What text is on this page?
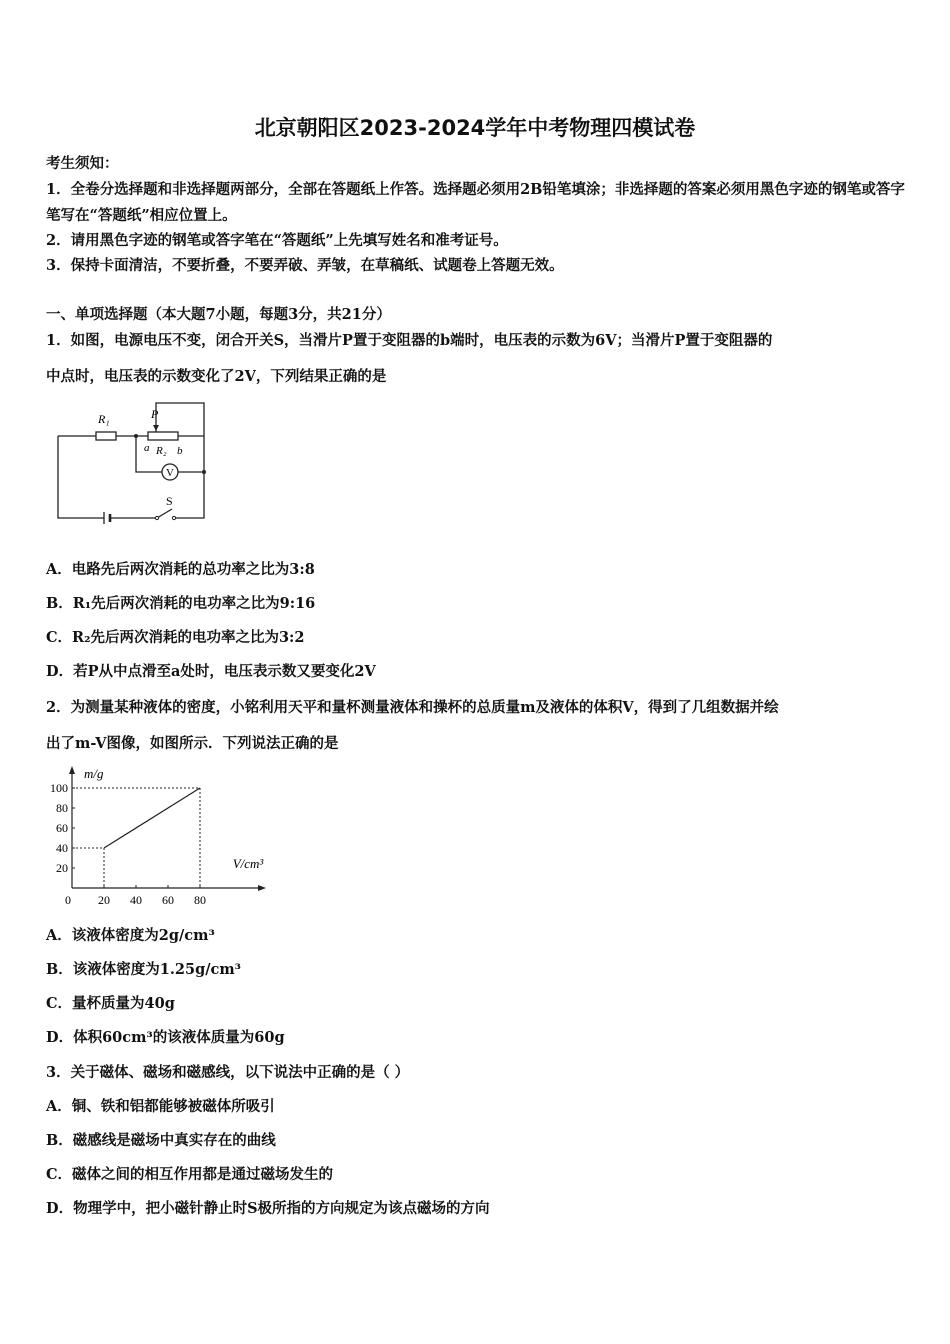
北京朝阳区2023-2024学年中考物理四模试卷
考生须知：
1．全卷分选择题和非选择题两部分，全部在答题纸上作答。选择题必须用2B铅笔填涂；非选择题的答案必须用黑色字迹的钢笔或答字笔写在“答题纸”相应位置上。
2．请用黑色字迹的钢笔或答字笔在“答题纸”上先填写姓名和准考证号。
3．保持卡面清洁，不要折叠，不要弄破、弄皱，在草稿纸、试题卷上答题无效。
一、单项选择题（本大题7小题，每题3分，共21分）
1．如图，电源电压不变，闭合开关S，当滑片P置于变阻器的b端时，电压表的示数为6V；当滑片P置于变阻器的
中点时，电压表的示数变化了2V，下列结果正确的是
R₁	P
a R₂ b
V
S
A．电路先后两次消耗的总功率之比为3:8
B．R₁先后两次消耗的电功率之比为9:16
C．R₂先后两次消耗的电功率之比为3:2
D．若P从中点滑至a处时，电压表示数又要变化2V
2．为测量某种液体的密度，小铭利用天平和量杯测量液体和操杯的总质量m及液体的体积V，得到了几组数据并绘
出了m-V图像，如图所示．下列说法正确的是
20
40
60
80
100
0 20 40 60 80
m/g
V/cm³
A．该液体密度为2g/cm³
B．该液体密度为1.25g/cm³
C．量杯质量为40g
D．体积60cm³的该液体质量为60g
3．关于磁体、磁场和磁感线，以下说法中正确的是（ ）
A．铜、铁和铝都能够被磁体所吸引
B．磁感线是磁场中真实存在的曲线
C．磁体之间的相互作用都是通过磁场发生的
D．物理学中，把小磁针静止时S极所指的方向规定为该点磁场的方向
